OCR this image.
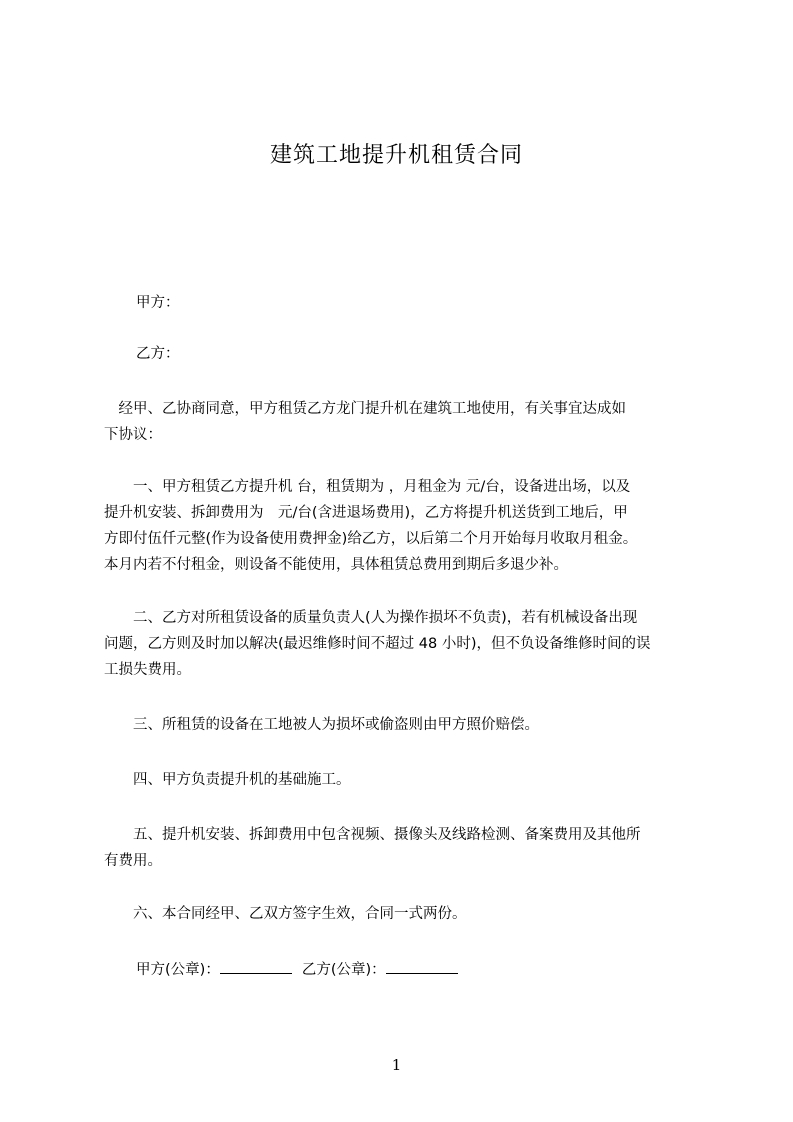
建筑工地提升机租赁合同
甲方：
乙方：
　经甲、乙协商同意，甲方租赁乙方龙门提升机在建筑工地使用，有关事宜达成如
下协议：
　　一、甲方租赁乙方提升机 台，租赁期为 ，月租金为 元/台，设备进出场，以及
提升机安装、拆卸费用为　元/台(含进退场费用)，乙方将提升机送货到工地后，甲
方即付伍仟元整(作为设备使用费押金)给乙方，以后第二个月开始每月收取月租金。
本月内若不付租金，则设备不能使用，具体租赁总费用到期后多退少补。
　　二、乙方对所租赁设备的质量负责人(人为操作损坏不负责)，若有机械设备出现
问题，乙方则及时加以解决(最迟维修时间不超过 48 小时)，但不负设备维修时间的误
工损失费用。
　　三、所租赁的设备在工地被人为损坏或偷盗则由甲方照价赔偿。
　　四、甲方负责提升机的基础施工。
　　五、提升机安装、拆卸费用中包含视频、摄像头及线路检测、备案费用及其他所
有费用。
　　六、本合同经甲、乙双方签字生效，合同一式两份。
甲方(公章)：	乙方(公章)：
1
